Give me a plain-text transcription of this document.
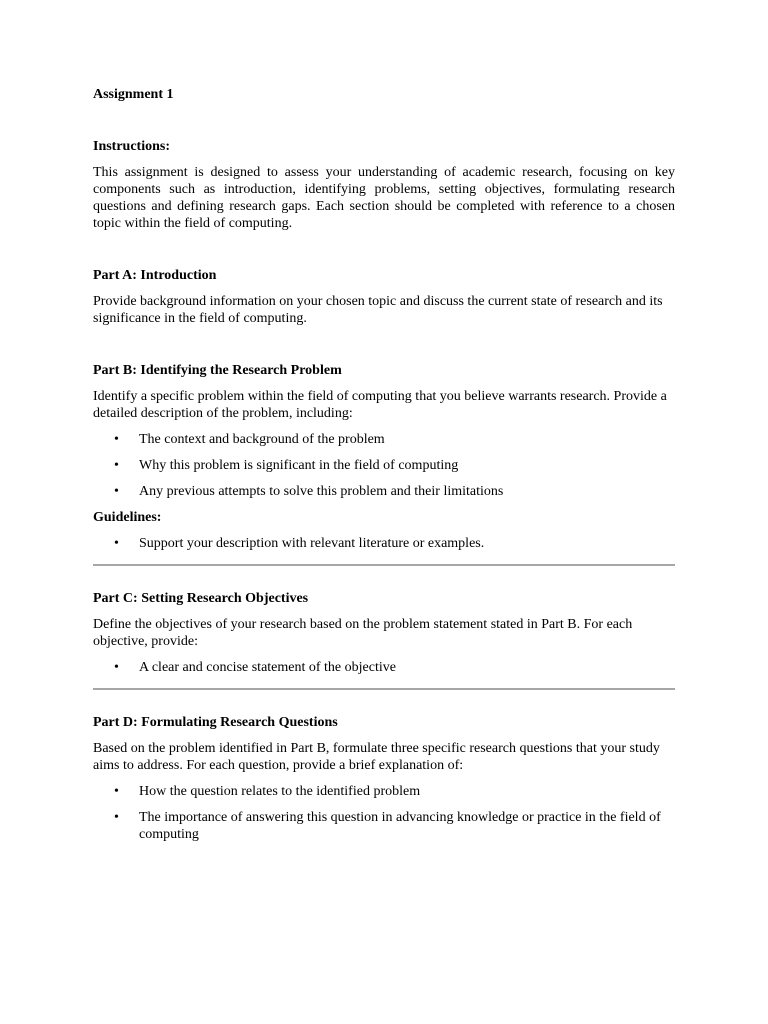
Assignment 1
Instructions:

This assignment is designed to assess your understanding of academic research, focusing on key components such as introduction, identifying problems, setting objectives, formulating research questions and defining research gaps. Each section should be completed with reference to a chosen topic within the field of computing.

Part A: Introduction

Provide background information on your chosen topic and discuss the current state of research and its significance in the field of computing.

Part B: Identifying the Research Problem

Identify a specific problem within the field of computing that you believe warrants research. Provide a detailed description of the problem, including:

• The context and background of the problem
• Why this problem is significant in the field of computing
• Any previous attempts to solve this problem and their limitations
Guidelines:
• Support your description with relevant literature or examples.
Part C: Setting Research Objectives

Define the objectives of your research based on the problem statement stated in Part B. For each objective, provide:

• A clear and concise statement of the objective
Part D: Formulating Research Questions

Based on the problem identified in Part B, formulate three specific research questions that your study aims to address. For each question, provide a brief explanation of:

• How the question relates to the identified problem
• The importance of answering this question in advancing knowledge or practice in the field of computing
